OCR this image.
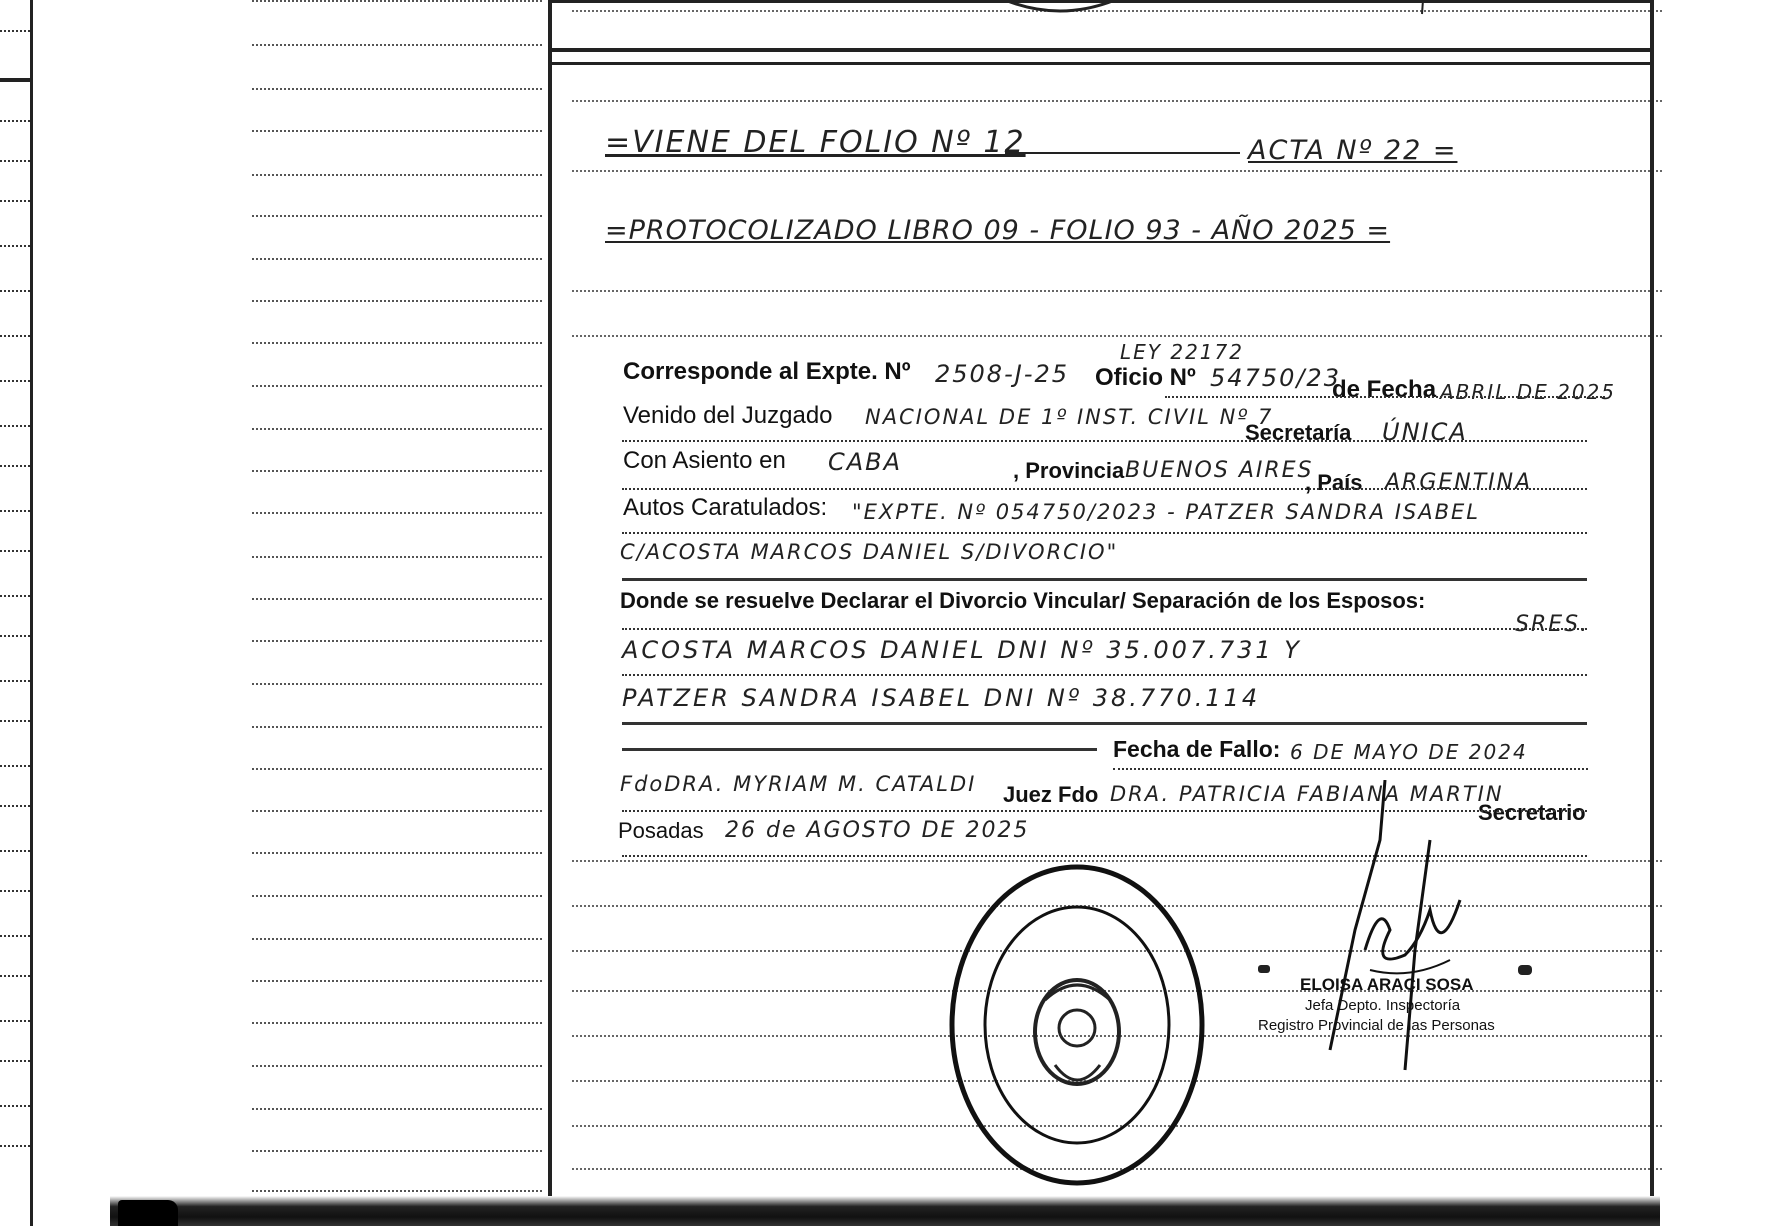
=VIENE DEL FOLIO Nº 12	ACTA Nº 22 =
=PROTOCOLIZADO LIBRO 09 - FOLIO 93 - AÑO 2025 =
LEY 22172
Corresponde al Expte. Nº 2508-J-25 Oficio Nº 54750/23
de Fecha ABRIL DE 2025
Venido del Juzgado NACIONAL DE 1º INST. CIVIL Nº 7
Secretaría ÚNICA
Con Asiento en CABA	, Provincia BUENOS AIRES
, País ARGENTINA
Autos Caratulados: "EXPTE. Nº 054750/2023 - PATZER SANDRA ISABEL
C/ACOSTA MARCOS DANIEL S/DIVORCIO"
Donde se resuelve Declarar el Divorcio Vincular/ Separación de los Esposos:
SRES.
ACOSTA MARCOS DANIEL DNI Nº 35.007.731 Y
PATZER SANDRA ISABEL DNI Nº 38.770.114
Fecha de Fallo: 6 DE MAYO DE 2024
FdoDRA. MYRIAM M. CATALDI Juez Fdo DRA. PATRICIA FABIANA MARTIN
Secretario
Posadas 26 de AGOSTO DE 2025
ELOISA ARACI SOSA
Jefa Depto. Inspectoría
Registro Provincial de las Personas
